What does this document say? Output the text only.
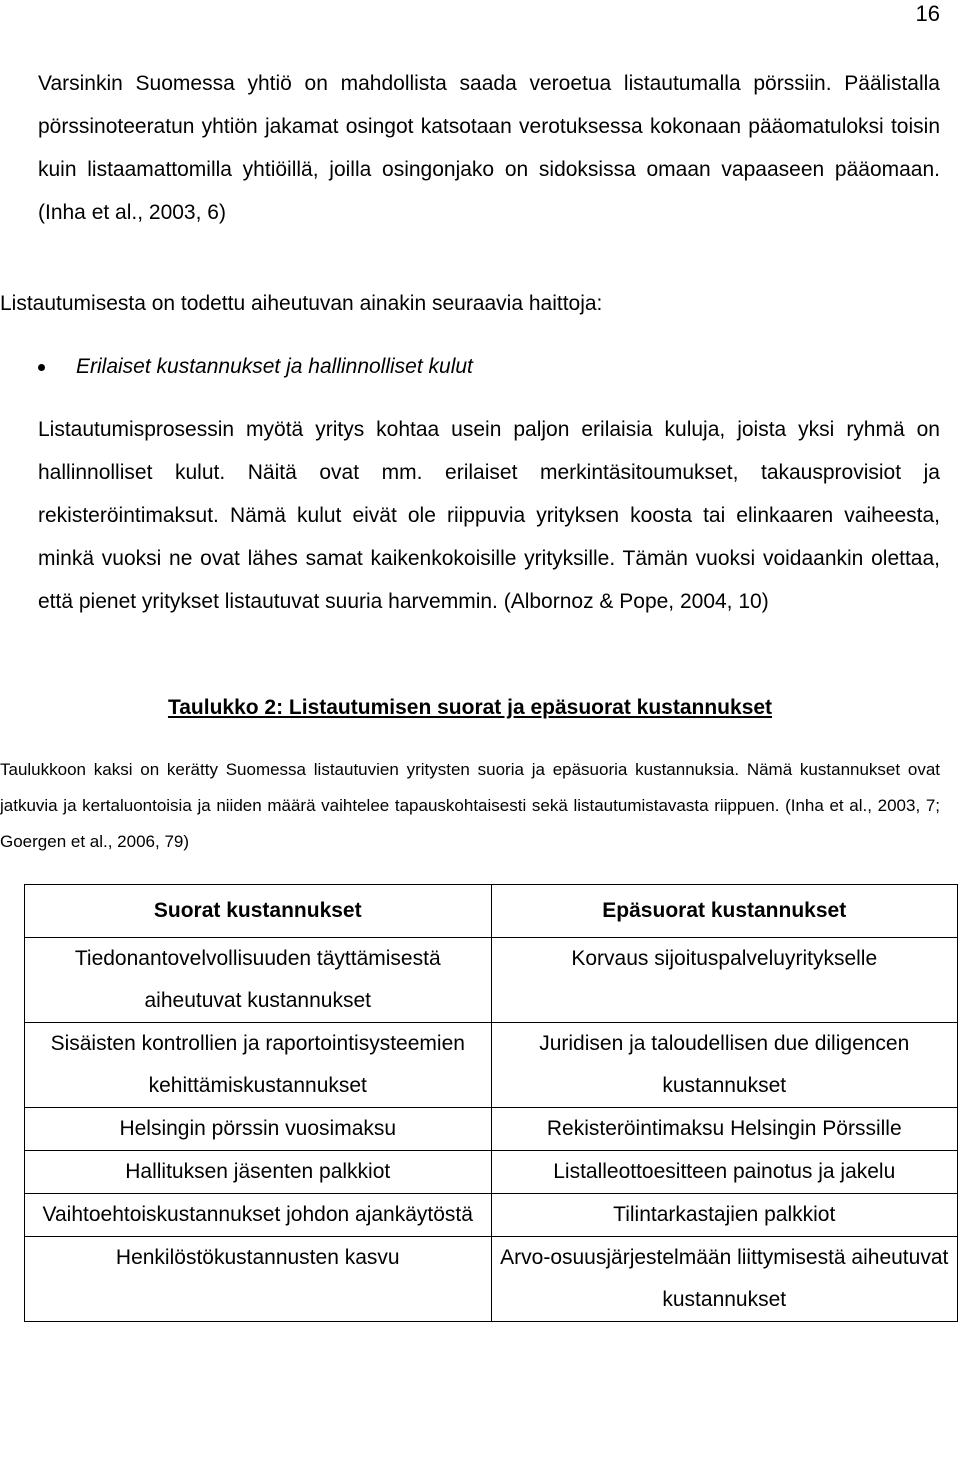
16
Varsinkin Suomessa yhtiö on mahdollista saada veroetua listautumalla pörssiin. Päälistalla pörssinoteeratun yhtiön jakamat osingot katsotaan verotuksessa kokonaan pääomatuloksi toisin kuin listaamattomilla yhtiöillä, joilla osingonjako on sidoksissa omaan vapaaseen pääomaan. (Inha et al., 2003, 6)
Listautumisesta on todettu aiheutuvan ainakin seuraavia haittoja:
Erilaiset kustannukset ja hallinnolliset kulut
Listautumisprosessin myötä yritys kohtaa usein paljon erilaisia kuluja, joista yksi ryhmä on hallinnolliset kulut. Näitä ovat mm. erilaiset merkintäsitoumukset, takausprovisiot ja rekisteröintimaksut. Nämä kulut eivät ole riippuvia yrityksen koosta tai elinkaaren vaiheesta, minkä vuoksi ne ovat lähes samat kaikenkokoisille yrityksille. Tämän vuoksi voidaankin olettaa, että pienet yritykset listautuvat suuria harvemmin. (Albornoz & Pope, 2004, 10)
Taulukko 2: Listautumisen suorat ja epäsuorat kustannukset
Taulukkoon kaksi on kerätty Suomessa listautuvien yritysten suoria ja epäsuoria kustannuksia. Nämä kustannukset ovat jatkuvia ja kertaluontoisia ja niiden määrä vaihtelee tapauskohtaisesti sekä listautumistavasta riippuen. (Inha et al., 2003, 7; Goergen et al., 2006, 79)
Suorat kustannukset	Epäsuorat kustannukset
Tiedonantovelvollisuuden täyttämisestä aiheutuvat kustannukset	Korvaus sijoituspalveluyritykselle
Sisäisten kontrollien ja raportointisysteemien kehittämiskustannukset	Juridisen ja taloudellisen due diligencen kustannukset
Helsingin pörssin vuosimaksu	Rekisteröintimaksu Helsingin Pörssille
Hallituksen jäsenten palkkiot	Listalleottoesitteen painotus ja jakelu
Vaihtoehtoiskustannukset johdon ajankäytöstä	Tilintarkastajien palkkiot
Henkilöstökustannusten kasvu	Arvo-osuusjärjestelmään liittymisestä aiheutuvat kustannukset
